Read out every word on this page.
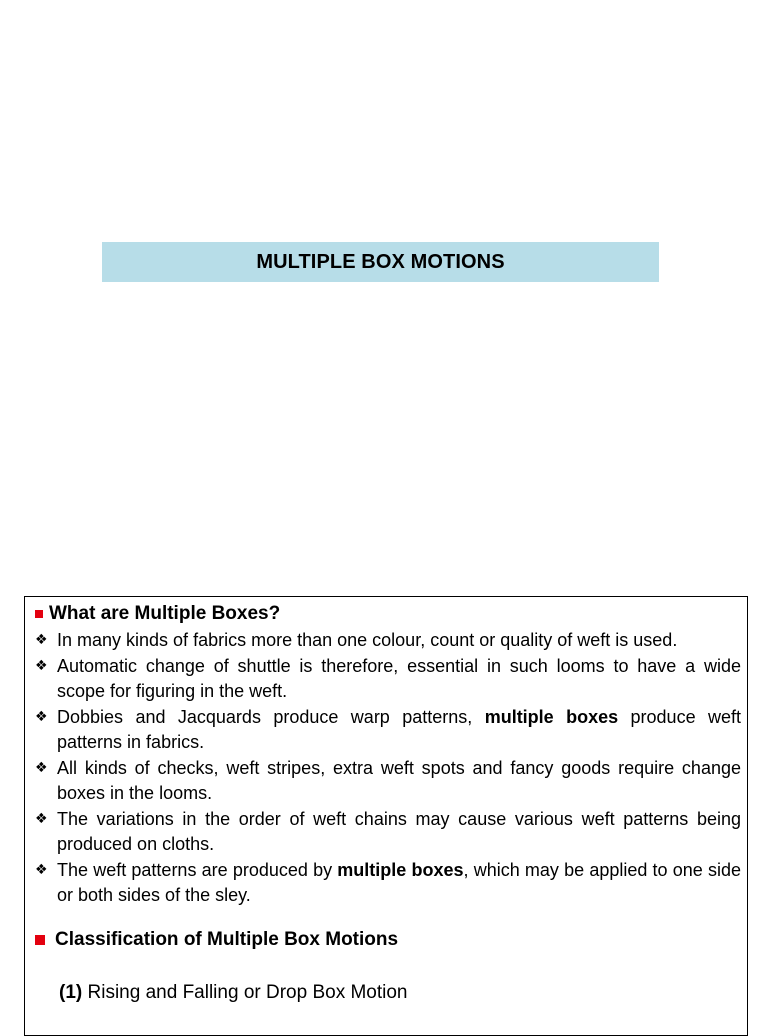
MULTIPLE BOX MOTIONS
What are Multiple Boxes?
❖ In many kinds of fabrics more than one colour, count or quality of weft is used.
❖ Automatic change of shuttle is therefore, essential in such looms to have a wide scope for figuring in the weft.
❖ Dobbies and Jacquards produce warp patterns, multiple boxes produce weft patterns in fabrics.
❖ All kinds of checks, weft stripes, extra weft spots and fancy goods require change boxes in the looms.
❖ The variations in the order of weft chains may cause various weft patterns being produced on cloths.
❖ The weft patterns are produced by multiple boxes, which may be applied to one side or both sides of the sley.
Classification of Multiple Box Motions
(1) Rising and Falling or Drop Box Motion
